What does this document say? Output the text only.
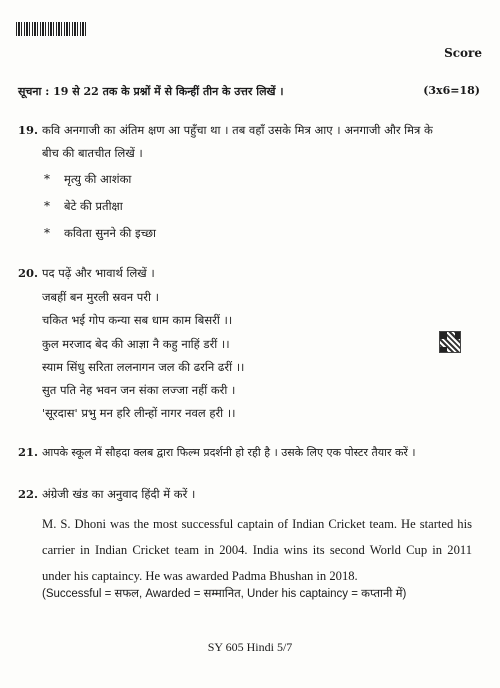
Score
सूचना : 19 से 22 तक के प्रश्नों में से किन्हीं तीन के उत्तर लिखें ।	(3x6=18)
19. कवि अनगाजी का अंतिम क्षण आ पहुँचा था । तब वहाँ उसके मित्र आए । अनगाजी और मित्र के
बीच की बातचीत लिखें ।
* मृत्यु की आशंका
* बेटे की प्रतीक्षा
* कविता सुनने की इच्छा
20. पद पढ़ें और भावार्थ लिखें ।
जबहीं बन मुरली स्रवन परी ।
चकित भई गोप कन्या सब धाम काम बिसरीं ।।
कुल मरजाद बेद की आज्ञा नै कहु नाहिं डरीं ।।
स्याम सिंधु सरिता ललनागन जल की ढरनि ढरीं ।।
सुत पति नेह भवन जन संका लज्जा नहीं करी ।
'सूरदास' प्रभु मन हरि लीन्हों नागर नवल हरी ।।
21. आपके स्कूल में सौहदा क्लब द्वारा फिल्म प्रदर्शनी हो रही है । उसके लिए एक पोस्टर तैयार करें ।
22. अंग्रेजी खंड का अनुवाद हिंदी में करें ।
M. S. Dhoni was the most successful captain of Indian Cricket team. He started his carrier in Indian Cricket team in 2004. India wins its second World Cup in 2011 under his captaincy. He was awarded Padma Bhushan in 2018.
(Successful = सफल, Awarded = सम्मानित, Under his captaincy = कप्तानी में)
SY 605 Hindi 5/7
